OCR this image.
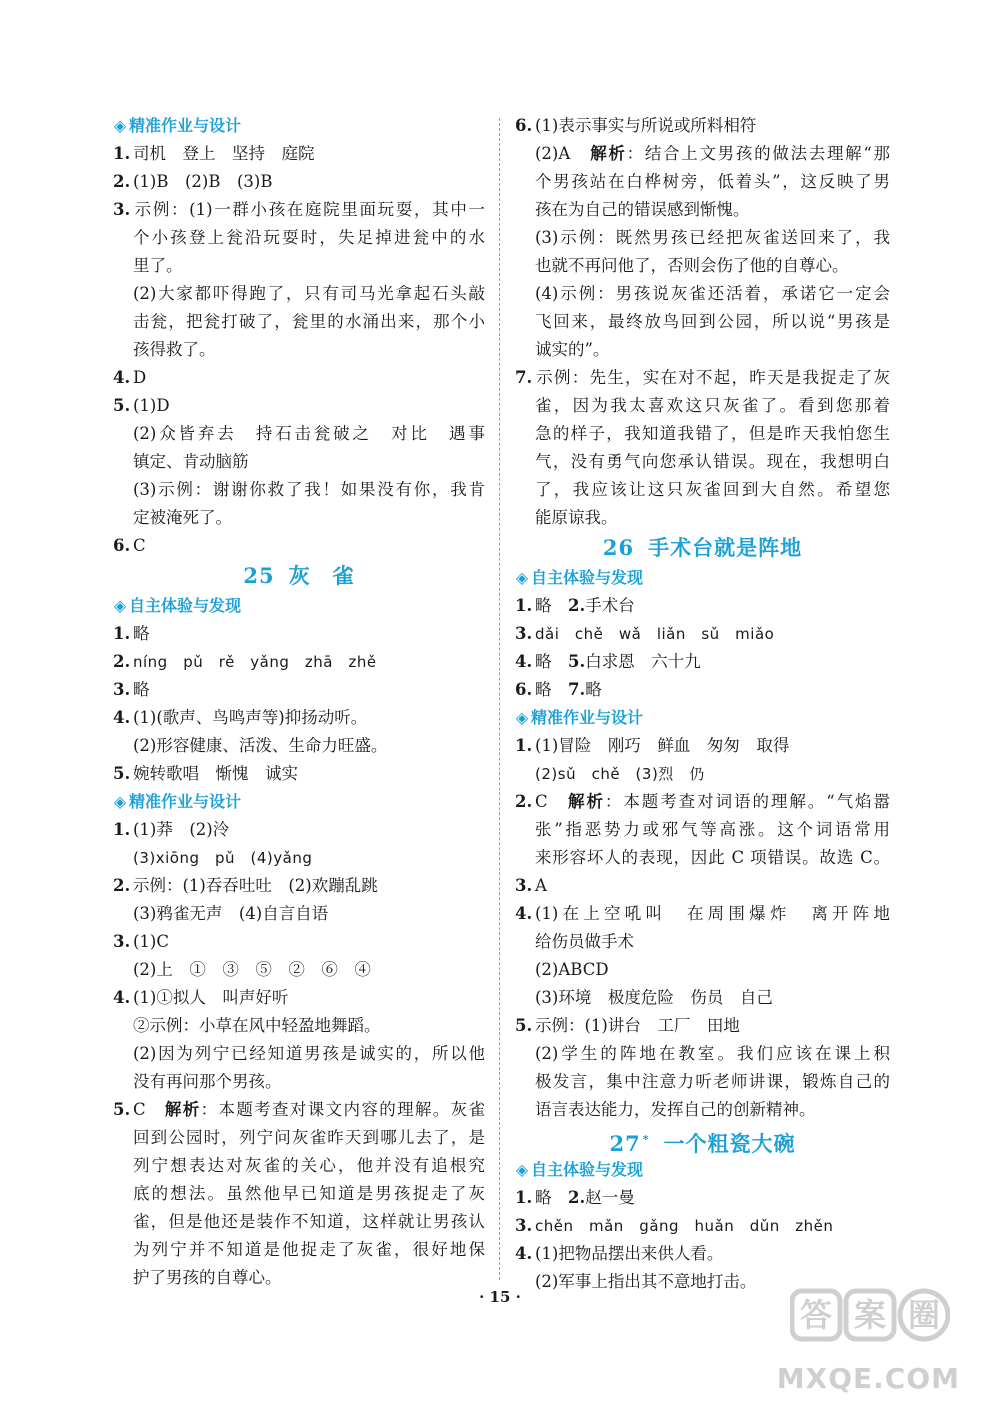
◈ 精准作业与设计
1. 司机　登上　坚持　庭院
2. (1)B　(2)B　(3)B
3. 示例：(1)一群小孩在庭院里面玩耍，其中一
个小孩登上瓮沿玩耍时，失足掉进瓮中的水
里了。
(2)大家都吓得跑了，只有司马光拿起石头敲
击瓮，把瓮打破了，瓮里的水涌出来，那个小
孩得救了。
4. D
5. (1)D
(2)众皆弃去　持石击瓮破之　对比　遇事
镇定、肯动脑筋
(3)示例：谢谢你救了我！如果没有你，我肯
定被淹死了。
6. C
25 灰　雀
◈ 自主体验与发现
1. 略
2. níng　pǔ　rě　yǎng　zhā　zhě
3. 略
4. (1)(歌声、鸟鸣声等)抑扬动听。
(2)形容健康、活泼、生命力旺盛。
5. 婉转歌唱　惭愧　诚实
◈ 精准作业与设计
1. (1)莽　(2)泠
(3)xiōng　pǔ　(4)yǎng
2. 示例：(1)吞吞吐吐　(2)欢蹦乱跳
(3)鸦雀无声　(4)自言自语
3. (1)C
(2)上　①　③　⑤　②　⑥　④
4. (1)①拟人　叫声好听
②示例：小草在风中轻盈地舞蹈。
(2)因为列宁已经知道男孩是诚实的，所以他
没有再问那个男孩。
5. C　解析：本题考查对课文内容的理解。灰雀
回到公园时，列宁问灰雀昨天到哪儿去了，是
列宁想表达对灰雀的关心，他并没有追根究
底的想法。虽然他早已知道是男孩捉走了灰
雀，但是他还是装作不知道，这样就让男孩认
为列宁并不知道是他捉走了灰雀，很好地保
护了男孩的自尊心。
6. (1)表示事实与所说或所料相符
(2)A　解析：结合上文男孩的做法去理解“那
个男孩站在白桦树旁，低着头”，这反映了男
孩在为自己的错误感到惭愧。
(3)示例：既然男孩已经把灰雀送回来了，我
也就不再问他了，否则会伤了他的自尊心。
(4)示例：男孩说灰雀还活着，承诺它一定会
飞回来，最终放鸟回到公园，所以说“男孩是
诚实的”。
7. 示例：先生，实在对不起，昨天是我捉走了灰
雀，因为我太喜欢这只灰雀了。看到您那着
急的样子，我知道我错了，但是昨天我怕您生
气，没有勇气向您承认错误。现在，我想明白
了，我应该让这只灰雀回到大自然。希望您
能原谅我。
26 手术台就是阵地
◈ 自主体验与发现
1. 略　2.手术台
3. dǎi　chě　wǎ　liǎn　sǔ　miǎo
4. 略　5.白求恩　六十九
6. 略　7.略
◈ 精准作业与设计
1. (1)冒险　刚巧　鲜血　匆匆　取得
(2)sǔ　chě　(3)烈　仍
2. C　解析：本题考查对词语的理解。“气焰嚣
张”指恶势力或邪气等高涨。这个词语常用
来形容坏人的表现，因此 C 项错误。故选 C。
3. A
4. (1)在上空吼叫　在周围爆炸　离开阵地
给伤员做手术
(2)ABCD
(3)环境　极度危险　伤员　自己
5. 示例：(1)讲台　工厂　田地
(2)学生的阵地在教室。我们应该在课上积
极发言，集中注意力听老师讲课，锻炼自己的
语言表达能力，发挥自己的创新精神。
27 * 一个粗瓷大碗
◈ 自主体验与发现
1. 略　2.赵一曼
3. chěn　mǎn　gǎng　huǎn　dǔn　zhěn
4. (1)把物品摆出来供人看。
(2)军事上指出其不意地打击。
· 15 ·	答 案 圈
MXQE.COM
